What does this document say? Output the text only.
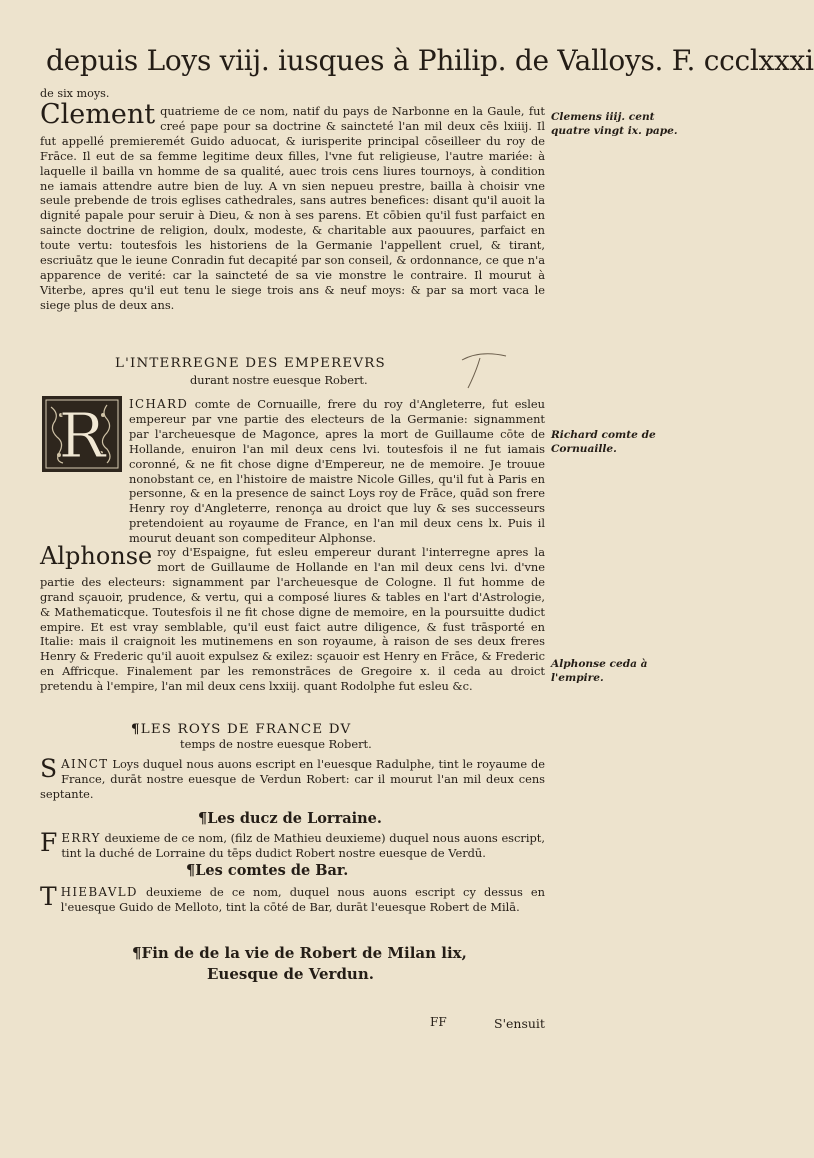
depuis Loys viij. iusques à Philip. de Valloys. F. ccclxxxi

de six moys.

Clement quatrieme de ce nom, natif du pays de Narbonne en la Gaule, fut creé pape pour sa doctrine & saincteté l'an mil deux cēs lxiiij. Il fut appellé premieremét Guido aduocat, & iurisperite principal cōseilleer du roy de Frāce. Il eut de sa femme legitime deux filles, l'vne fut religieuse, l'autre mariée: à laquelle il bailla vn homme de sa qualité, auec trois cens liures tournoys, à condition ne iamais attendre autre bien de luy. A vn sien nepueu prestre, bailla à choisir vne seule prebende de trois eglises cathedrales, sans autres benefices: disant qu'il auoit la dignité papale pour seruir à Dieu, & non à ses parens. Et cōbien qu'il fust parfaict en saincte doctrine de religion, doulx, modeste, & charitable aux paouures, parfaict en toute vertu: toutesfois les historiens de la Germanie l'appellent cruel, & tirant, escriuātz que le ieune Conradin fut decapité par son conseil, & ordonnance, ce que n'a apparence de verité: car la saincteté de sa vie monstre le contraire. Il mourut à Viterbe, apres qu'il eut tenu le siege trois ans & neuf moys: & par sa mort vaca le siege plus de deux ans.

Clemens iiij. cent quatre vingt ix. pape.
L'INTERREGNE DES EMPEREVRS
durant nostre euesque Robert.
R ICHARD comte de Cornuaille, frere du roy d'Angleterre, fut esleu empereur par vne partie des electeurs de la Germanie: signamment par l'archeuesque de Magonce, apres la mort de Guillaume cōte de Hollande, enuiron l'an mil deux cens lvi. toutesfois il ne fut iamais coronné, & ne fit chose digne d'Empereur, ne de memoire. Je trouue nonobstant ce, en l'histoire de maistre Nicole Gilles, qu'il fut à Paris en personne, & en la presence de sainct Loys roy de Frāce, quād son frere Henry roy d'Angleterre, renonça au droict que luy & ses successeurs pretendoient au royaume de France, en l'an mil deux cens lx. Puis il mourut deuant son compediteur Alphonse.

Richard comte de Cornuaille.

Alphonse roy d'Espaigne, fut esleu empereur durant l'interregne apres la mort de Guillaume de Hollande en l'an mil deux cens lvi. d'vne partie des electeurs: signamment par l'archeuesque de Cologne. Il fut homme de grand sçauoir, prudence, & vertu, qui a composé liures & tables en l'art d'Astrologie, & Mathematicque. Toutesfois il ne fit chose digne de memoire, en la poursuitte dudict empire. Et est vray semblable, qu'il eust faict autre diligence, & fust trāsporté en Italie: mais il craignoit les mutinemens en son royaume, à raison de ses deux freres Henry & Frederic qu'il auoit expulsez & exilez: sçauoir est Henry en Frāce, & Frederic en Affricque. Finalement par les remonstrāces de Gregoire x. il ceda au droict pretendu à l'empire, l'an mil deux cens lxxiij. quant Rodolphe fut esleu &c.

Alphonse ceda à l'empire.
¶LES ROYS DE FRANCE DV
temps de nostre euesque Robert.

S AINCT Loys duquel nous auons escript en l'euesque Radulphe, tint le royaume de France, durāt nostre euesque de Verdun Robert: car il mourut l'an mil deux cens septante.

¶Les ducz de Lorraine.

F ERRY deuxieme de ce nom, (filz de Mathieu deuxieme) duquel nous auons escript, tint la duché de Lorraine du tēps dudict Robert nostre euesque de Verdū.

¶Les comtes de Bar.

T HIEBAVLD deuxieme de ce nom, duquel nous auons escript cy dessus en l'euesque Guido de Melloto, tint la cōté de Bar, durāt l'euesque Robert de Milā.

¶Fin de de la vie de Robert de Milan lix,
Euesque de Verdun.
FF	S'ensuit
